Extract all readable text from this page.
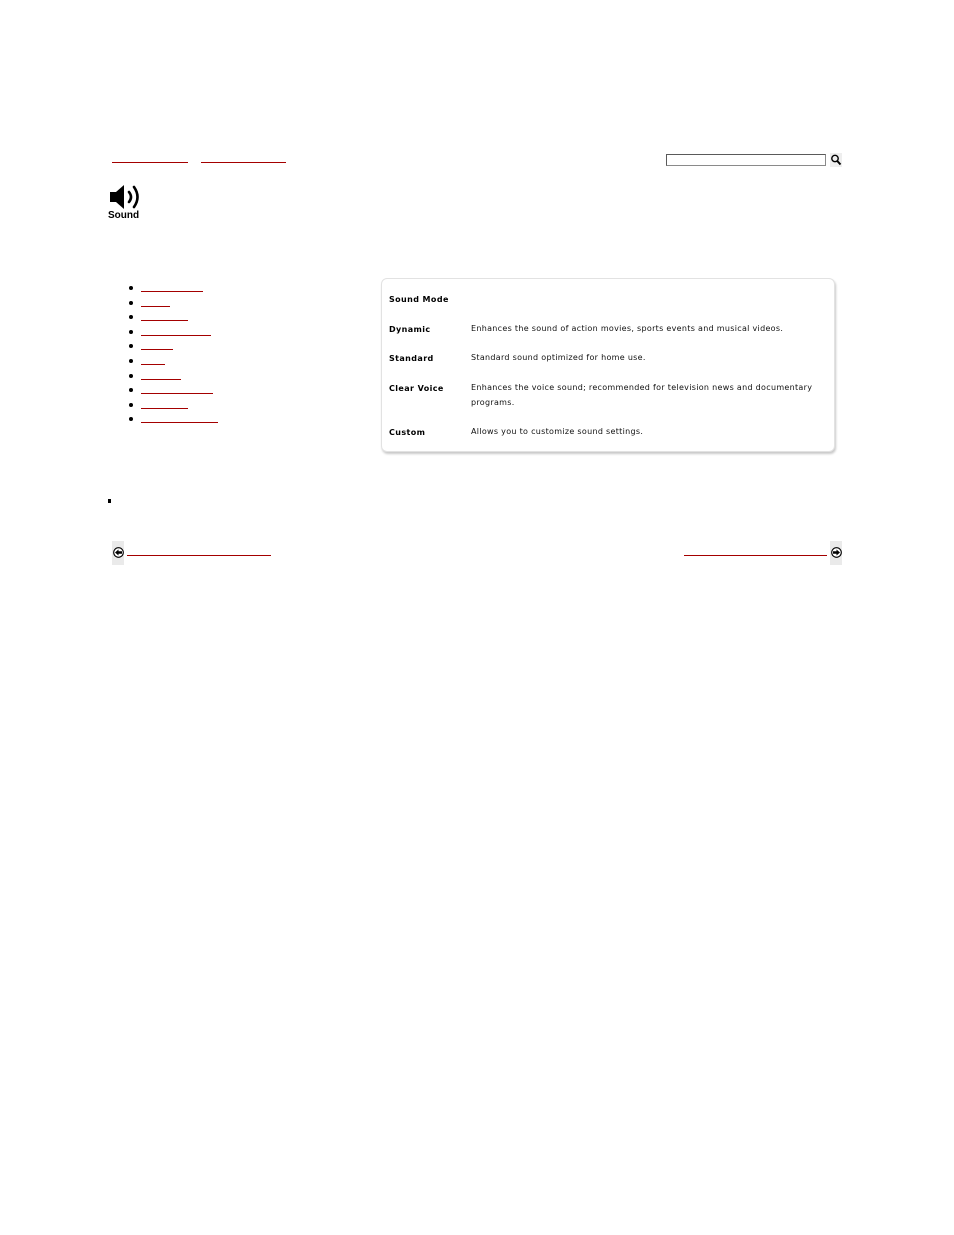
Sound
Sound Mode
Dynamic	Enhances the sound of action movies, sports events and musical videos.
Standard	Standard sound optimized for home use.
Clear Voice	Enhances the voice sound; recommended for television news and documentary programs.
Custom	Allows you to customize sound settings.
